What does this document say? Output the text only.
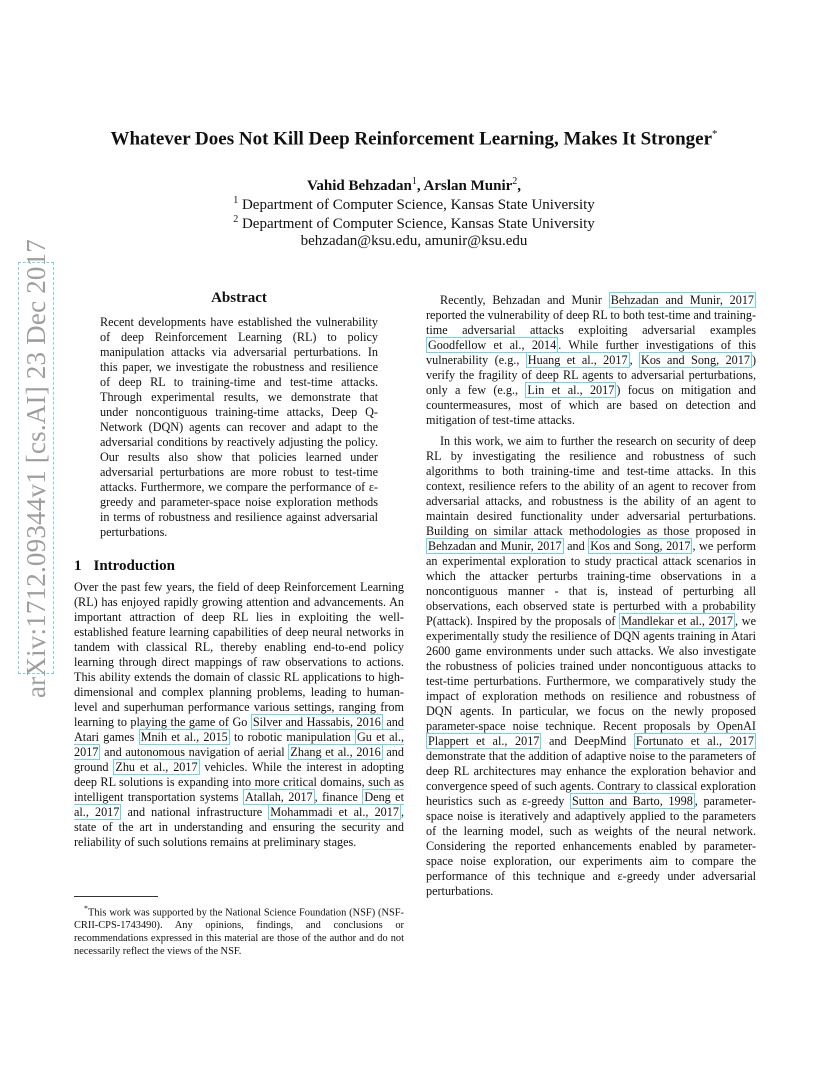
arXiv:1712.09344v1 [cs.AI] 23 Dec 2017
Whatever Does Not Kill Deep Reinforcement Learning, Makes It Stronger*
Vahid Behzadan$^1$, Arslan Munir$^2$,
$^1$ Department of Computer Science, Kansas State University
$^2$ Department of Computer Science, Kansas State University
behzadan@ksu.edu, amunir@ksu.edu
Abstract

Recent developments have established the vulnerability of deep Reinforcement Learning (RL) to policy manipulation attacks via adversarial perturbations. In this paper, we investigate the robustness and resilience of deep RL to training-time and test-time attacks. Through experimental results, we demonstrate that under noncontiguous training-time attacks, Deep Q-Network (DQN) agents can recover and adapt to the adversarial conditions by reactively adjusting the policy. Our results also show that policies learned under adversarial perturbations are more robust to test-time attacks. Furthermore, we compare the performance of ε-greedy and parameter-space noise exploration methods in terms of robustness and resilience against adversarial perturbations.

1 Introduction

Over the past few years, the field of deep Reinforcement Learning (RL) has enjoyed rapidly growing attention and advancements. An important attraction of deep RL lies in exploiting the well-established feature learning capabilities of deep neural networks in tandem with classical RL, thereby enabling end-to-end policy learning through direct mappings of raw observations to actions. This ability extends the domain of classic RL applications to high-dimensional and complex planning problems, leading to human-level and superhuman performance various settings, ranging from learning to playing the game of Go Silver and Hassabis, 2016 and Atari games Mnih et al., 2015 to robotic manipulation Gu et al., 2017 and autonomous navigation of aerial Zhang et al., 2016 and ground Zhu et al., 2017 vehicles. While the interest in adopting deep RL solutions is expanding into more critical domains, such as intelligent transportation systems Atallah, 2017 , finance Deng et al., 2017 and national infrastructure Mohammadi et al., 2017 , state of the art in understanding and ensuring the security and reliability of such solutions remains at preliminary stages.

Recently, Behzadan and Munir Behzadan and Munir, 2017 reported the vulnerability of deep RL to both test-time and training-time adversarial attacks exploiting adversarial examples Goodfellow et al., 2014 . While further investigations of this vulnerability (e.g., Huang et al., 2017 , Kos and Song, 2017 ) verify the fragility of deep RL agents to adversarial perturbations, only a few (e.g., Lin et al., 2017 ) focus on mitigation and countermeasures, most of which are based on detection and mitigation of test-time attacks.

In this work, we aim to further the research on security of deep RL by investigating the resilience and robustness of such algorithms to both training-time and test-time attacks. In this context, resilience refers to the ability of an agent to recover from adversarial attacks, and robustness is the ability of an agent to maintain desired functionality under adversarial perturbations. Building on similar attack methodologies as those proposed in Behzadan and Munir, 2017 and Kos and Song, 2017 , we perform an experimental exploration to study practical attack scenarios in which the attacker perturbs training-time observations in a noncontiguous manner - that is, instead of perturbing all observations, each observed state is perturbed with a probability P(attack). Inspired by the proposals of Mandlekar et al., 2017 , we experimentally study the resilience of DQN agents training in Atari 2600 game environments under such attacks. We also investigate the robustness of policies trained under noncontiguous attacks to test-time perturbations. Furthermore, we comparatively study the impact of exploration methods on resilience and robustness of DQN agents. In particular, we focus on the newly proposed parameter-space noise technique. Recent proposals by OpenAI Plappert et al., 2017 and DeepMind Fortunato et al., 2017 demonstrate that the addition of adaptive noise to the parameters of deep RL architectures may enhance the exploration behavior and convergence speed of such agents. Contrary to classical exploration heuristics such as ε-greedy Sutton and Barto, 1998 , parameter-space noise is iteratively and adaptively applied to the parameters of the learning model, such as weights of the neural network. Considering the reported enhancements enabled by parameter-space noise exploration, our experiments aim to compare the performance of this technique and ε-greedy under adversarial perturbations.

*This work was supported by the National Science Foundation (NSF) (NSF-CRII-CPS-1743490). Any opinions, findings, and conclusions or recommendations expressed in this material are those of the author and do not necessarily reflect the views of the NSF.
